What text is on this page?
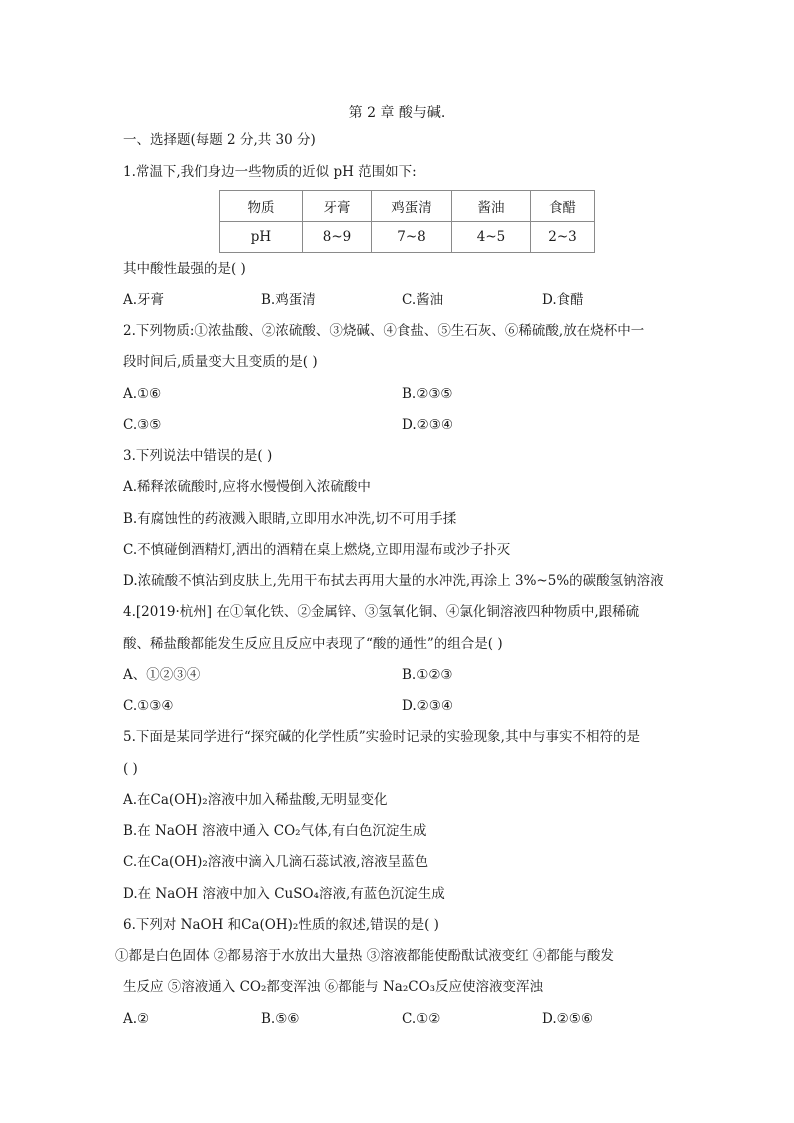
第 2 章 酸与碱.
一、选择题(每题 2 分,共 30 分)
1.常温下,我们身边一些物质的近似 pH 范围如下:
物质	牙膏	鸡蛋清	酱油	食醋
pH	8~9	7~8	4~5	2~3
其中酸性最强的是( )
A.牙膏	B.鸡蛋清	C.酱油	D.食醋
2.下列物质:①浓盐酸、②浓硫酸、③烧碱、④食盐、⑤生石灰、⑥稀硫酸,放在烧杯中一
段时间后,质量变大且变质的是( )
A.①⑥	B.②③⑤
C.③⑤	D.②③④
3.下列说法中错误的是( )
A.稀释浓硫酸时,应将水慢慢倒入浓硫酸中
B.有腐蚀性的药液溅入眼睛,立即用水冲洗,切不可用手揉
C.不慎碰倒酒精灯,洒出的酒精在桌上燃烧,立即用湿布或沙子扑灭
D.浓硫酸不慎沾到皮肤上,先用干布拭去再用大量的水冲洗,再涂上 3%~5%的碳酸氢钠溶液
4.[2019·杭州] 在①氧化铁、②金属锌、③氢氧化铜、④氯化铜溶液四种物质中,跟稀硫
酸、稀盐酸都能发生反应且反应中表现了“酸的通性”的组合是( )
A、①②③④	B.①②③
C.①③④	D.②③④
5.下面是某同学进行“探究碱的化学性质”实验时记录的实验现象,其中与事实不相符的是
( )
A.在Ca(OH)₂溶液中加入稀盐酸,无明显变化
B.在 NaOH 溶液中通入 CO₂气体,有白色沉淀生成
C.在Ca(OH)₂溶液中滴入几滴石蕊试液,溶液呈蓝色
D.在 NaOH 溶液中加入 CuSO₄溶液,有蓝色沉淀生成
6.下列对 NaOH 和Ca(OH)₂性质的叙述,错误的是( )
①都是白色固体 ②都易溶于水放出大量热 ③溶液都能使酚酞试液变红 ④都能与酸发
生反应 ⑤溶液通入 CO₂都变浑浊 ⑥都能与 Na₂CO₃反应使溶液变浑浊
A.②	B.⑤⑥	C.①②	D.②⑤⑥
